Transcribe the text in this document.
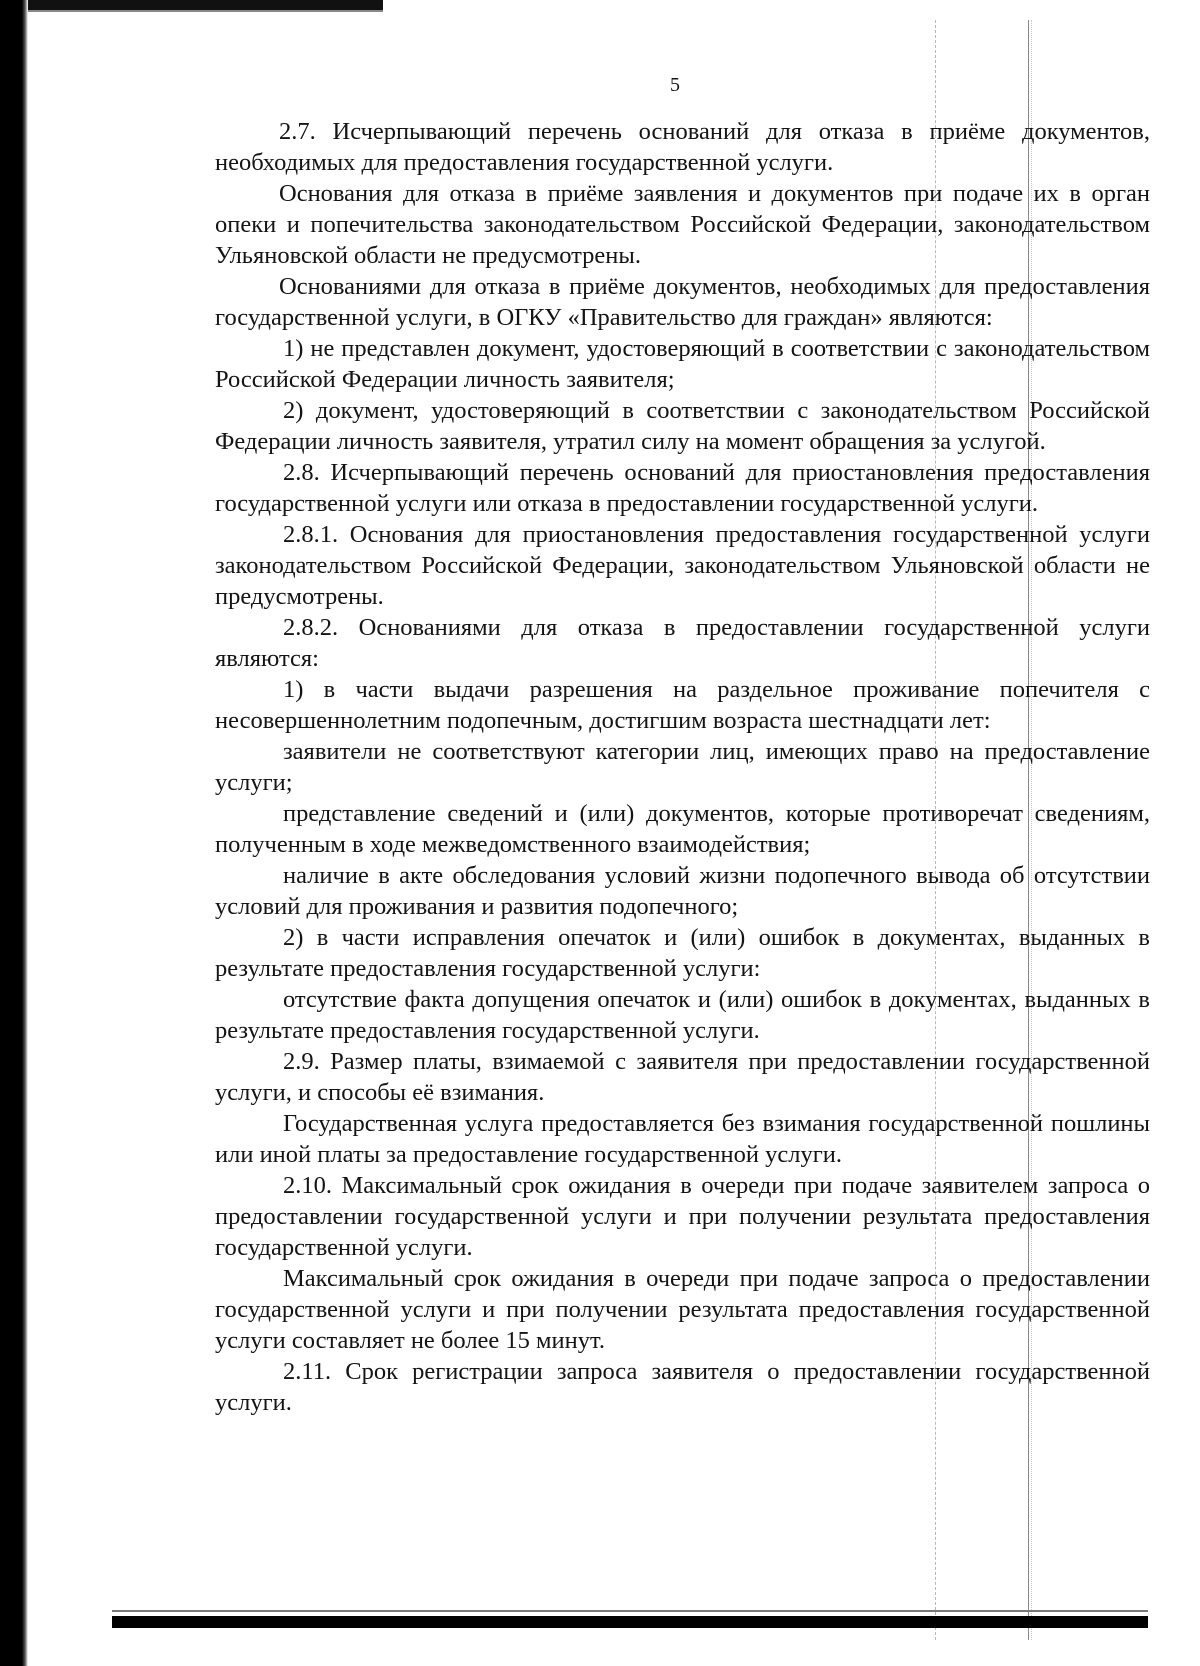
5

2.7. Исчерпывающий перечень оснований для отказа в приёме документов, необходимых для предоставления государственной услуги.

Основания для отказа в приёме заявления и документов при подаче их в орган опеки и попечительства законодательством Российской Федерации, законодательством Ульяновской области не предусмотрены.

Основаниями для отказа в приёме документов, необходимых для предоставления государственной услуги, в ОГКУ «Правительство для граждан» являются:

1) не представлен документ, удостоверяющий в соответствии с законодательством Российской Федерации личность заявителя;

2) документ, удостоверяющий в соответствии с законодательством Российской Федерации личность заявителя, утратил силу на момент обращения за услугой.

2.8. Исчерпывающий перечень оснований для приостановления предоставления государственной услуги или отказа в предоставлении государственной услуги.

2.8.1. Основания для приостановления предоставления государственной услуги законодательством Российской Федерации, законодательством Ульяновской области не предусмотрены.

2.8.2. Основаниями для отказа в предоставлении государственной услуги являются:

1) в части выдачи разрешения на раздельное проживание попечителя с несовершеннолетним подопечным, достигшим возраста шестнадцати лет:

заявители не соответствуют категории лиц, имеющих право на предоставление услуги;

представление сведений и (или) документов, которые противоречат сведениям, полученным в ходе межведомственного взаимодействия;

наличие в акте обследования условий жизни подопечного вывода об отсутствии условий для проживания и развития подопечного;

2) в части исправления опечаток и (или) ошибок в документах, выданных в результате предоставления государственной услуги:

отсутствие факта допущения опечаток и (или) ошибок в документах, выданных в результате предоставления государственной услуги.

2.9. Размер платы, взимаемой с заявителя при предоставлении государственной услуги, и способы её взимания.

Государственная услуга предоставляется без взимания государственной пошлины или иной платы за предоставление государственной услуги.

2.10. Максимальный срок ожидания в очереди при подаче заявителем запроса о предоставлении государственной услуги и при получении результата предоставления государственной услуги.

Максимальный срок ожидания в очереди при подаче запроса о предоставлении государственной услуги и при получении результата предоставления государственной услуги составляет не более 15 минут.

2.11. Срок регистрации запроса заявителя о предоставлении государственной услуги.
